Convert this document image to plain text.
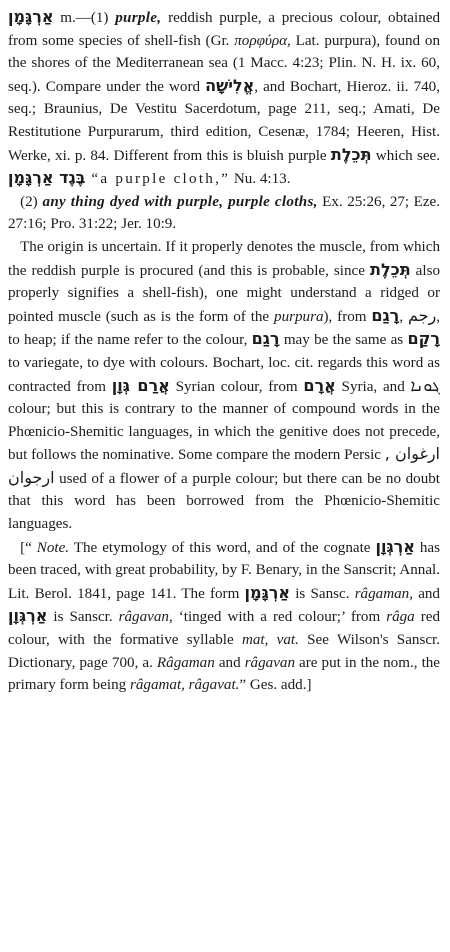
אַרְגָּמָן m.—(1) purple, reddish purple, a precious colour, obtained from some species of shell-fish (Gr. πορφύρα, Lat. purpura), found on the shores of the Mediterranean sea (1 Macc. 4:23; Plin. N. H. ix. 60, seq.). Compare under the word אֱלִישָׁה, and Bochart, Hieroz. ii. 740, seq.; Braunius, De Vestitu Sacerdotum, page 211, seq.; Amati, De Restitutione Purpurarum, third edition, Cesenæ, 1784; Heeren, Hist. Werke, xi. p. 84. Different from this is bluish purple תְּכֵלֶת which see. בֶּגֶד אַרְגָּמָן “a purple cloth,” Nu. 4:13.

(2) any thing dyed with purple, purple cloths, Ex. 25:26, 27; Eze. 27:16; Pro. 31:22; Jer. 10:9.

The origin is uncertain. If it properly denotes the muscle, from which the reddish purple is procured (and this is probable, since תְּכֵלֶת also properly signifies a shell-fish), one might understand a ridged or pointed muscle (such as is the form of the purpura), from רָגַם, رجم, to heap; if the name refer to the colour, רָגַם may be the same as רָקַם to variegate, to dye with colours. Bochart, loc. cit. regards this word as contracted from אֲרַם גְּוָן Syrian colour, from אֲרָם Syria, and ܓܘܢܐ colour; but this is contrary to the manner of compound words in the Phœnicio-Shemitic languages, in which the genitive does not precede, but follows the nominative. Some compare the modern Persic ارغوان , ارجوان used of a flower of a purple colour; but there can be no doubt that this word has been borrowed from the Phœnicio-Shemitic languages.

[“ Note. The etymology of this word, and of the cognate אַרְגְּוָן has been traced, with great probability, by F. Benary, in the Sanscrit; Annal. Lit. Berol. 1841, page 141. The form אַרְגָּמָן is Sansc. râgaman, and אַרְגְּוָן is Sanscr. râgavan, ‘tinged with a red colour;’ from râga red colour, with the formative syllable mat, vat. See Wilson's Sanscr. Dictionary, page 700, a. Râgaman and râgavan are put in the nom., the primary form being râgamat, râgavat.” Ges. add.]
